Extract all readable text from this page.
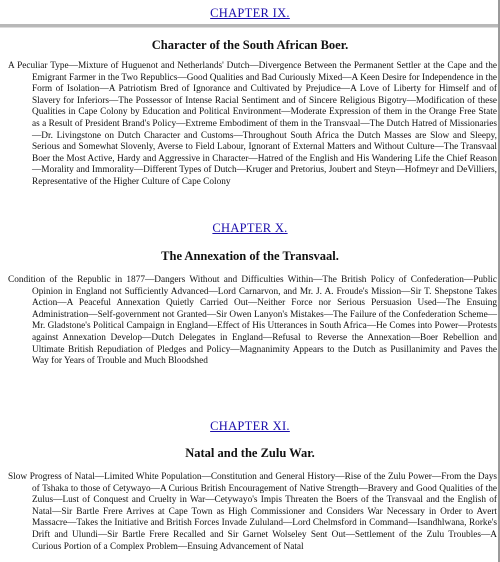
CHAPTER IX.
Character of the South African Boer.

A Peculiar Type—Mixture of Huguenot and Netherlands' Dutch—Divergence Between the Permanent Settler at the Cape and the Emigrant Farmer in the Two Republics—Good Qualities and Bad Curiously Mixed—A Keen Desire for Independence in the Form of Isolation—A Patriotism Bred of Ignorance and Cultivated by Prejudice—A Love of Liberty for Himself and of Slavery for Inferiors—The Possessor of Intense Racial Sentiment and of Sincere Religious Bigotry—Modification of these Qualities in Cape Colony by Education and Political Environment—Moderate Expression of them in the Orange Free State as a Result of President Brand's Policy—Extreme Embodiment of them in the Transvaal—The Dutch Hatred of Missionaries—Dr. Livingstone on Dutch Character and Customs—Throughout South Africa the Dutch Masses are Slow and Sleepy, Serious and Somewhat Slovenly, Averse to Field Labour, Ignorant of External Matters and Without Culture—The Transvaal Boer the Most Active, Hardy and Aggressive in Character—Hatred of the English and His Wandering Life the Chief Reason—Morality and Immorality—Different Types of Dutch—Kruger and Pretorius, Joubert and Steyn—Hofmeyr and DeVilliers, Representative of the Higher Culture of Cape Colony

CHAPTER X.
The Annexation of the Transvaal.

Condition of the Republic in 1877—Dangers Without and Difficulties Within—The British Policy of Confederation—Public Opinion in England not Sufficiently Advanced—Lord Carnarvon, and Mr. J. A. Froude's Mission—Sir T. Shepstone Takes Action—A Peaceful Annexation Quietly Carried Out—Neither Force nor Serious Persuasion Used—The Ensuing Administration—Self-government not Granted—Sir Owen Lanyon's Mistakes—The Failure of the Confederation Scheme—Mr. Gladstone's Political Campaign in England—Effect of His Utterances in South Africa—He Comes into Power—Protests against Annexation Develop—Dutch Delegates in England—Refusal to Reverse the Annexation—Boer Rebellion and Ultimate British Repudiation of Pledges and Policy—Magnanimity Appears to the Dutch as Pusillanimity and Paves the Way for Years of Trouble and Much Bloodshed

CHAPTER XI.
Natal and the Zulu War.

Slow Progress of Natal—Limited White Population—Constitution and General History—Rise of the Zulu Power—From the Days of Tshaka to those of Cetywayo—A Curious British Encouragement of Native Strength—Bravery and Good Qualities of the Zulus—Lust of Conquest and Cruelty in War—Cetywayo's Impis Threaten the Boers of the Transvaal and the English of Natal—Sir Bartle Frere Arrives at Cape Town as High Commissioner and Considers War Necessary in Order to Avert Massacre—Takes the Initiative and British Forces Invade Zululand—Lord Chelmsford in Command—Isandhlwana, Rorke's Drift and Ulundi—Sir Bartle Frere Recalled and Sir Garnet Wolseley Sent Out—Settlement of the Zulu Troubles—A Curious Portion of a Complex Problem—Ensuing Advancement of Natal
